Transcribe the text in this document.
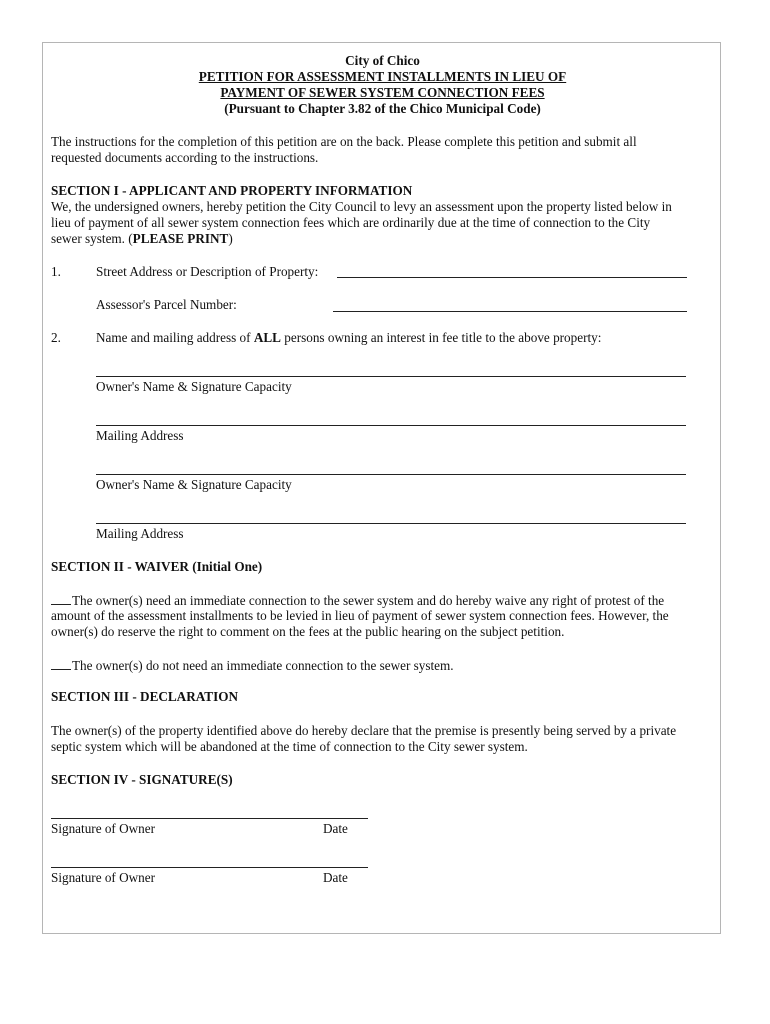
City of Chico
PETITION FOR ASSESSMENT INSTALLMENTS IN LIEU OF
PAYMENT OF SEWER SYSTEM CONNECTION FEES
(Pursuant to Chapter 3.82 of the Chico Municipal Code)
The instructions for the completion of this petition are on the back. Please complete this petition and submit all
requested documents according to the instructions.
SECTION I - APPLICANT AND PROPERTY INFORMATION
We, the undersigned owners, hereby petition the City Council to levy an assessment upon the property listed below in
lieu of payment of all sewer system connection fees which are ordinarily due at the time of connection to the City
sewer system. (PLEASE PRINT)
1.	Street Address or Description of Property:
Assessor's Parcel Number:
2.	Name and mailing address of ALL persons owning an interest in fee title to the above property:
Owner's Name & Signature Capacity
Mailing Address
Owner's Name & Signature Capacity
Mailing Address
SECTION II - WAIVER (Initial One)
The owner(s) need an immediate connection to the sewer system and do hereby waive any right of protest of the
amount of the assessment installments to be levied in lieu of payment of sewer system connection fees. However, the
owner(s) do reserve the right to comment on the fees at the public hearing on the subject petition.
The owner(s) do not need an immediate connection to the sewer system.
SECTION III - DECLARATION
The owner(s) of the property identified above do hereby declare that the premise is presently being served by a private
septic system which will be abandoned at the time of connection to the City sewer system.
SECTION IV - SIGNATURE(S)
Signature of Owner	Date
Signature of Owner	Date
